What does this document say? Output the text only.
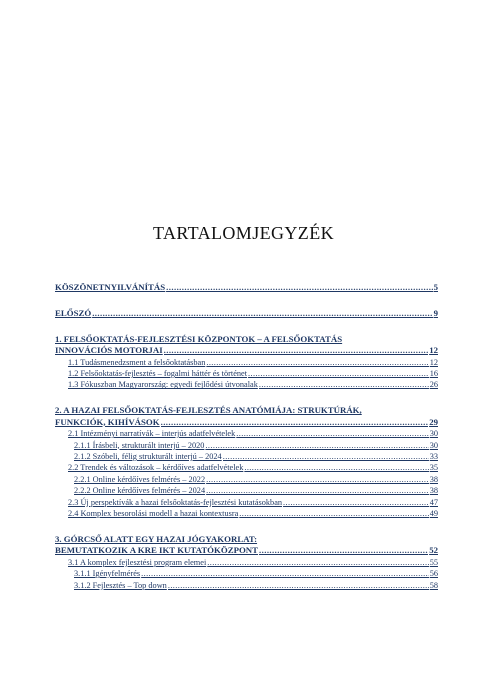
TARTALOMJEGYZÉK
KÖSZÖNETNYILVÁNÍTÁS .....	5
ELŐSZÓ .....	9
1. FELSŐOKTATÁS-FEJLESZTÉSI KÖZPONTOK – A FELSŐOKTATÁS
INNOVÁCIÓS MOTORJAI .....	12
1.1 Tudásmenedzsment a felsőoktatásban .....	12
1.2 Felsőoktatás-fejlesztés – fogalmi háttér és történet .....	16
1.3 Fókuszban Magyarország: egyedi fejlődési útvonalak .....	26
2. A HAZAI FELSŐOKTATÁS-FEJLESZTÉS ANATÓMIÁJA: STRUKTÚRÁK,
FUNKCIÓK, KIHÍVÁSOK .....	29
2.1 Intézményi narratívák – interjús adatfelvételek .....	30
2.1.1 Írásbeli, strukturált interjú – 2020 .....	30
2.1.2 Szóbeli, félig strukturált interjú – 2024 .....	33
2.2 Trendek és változások – kérdőíves adatfelvételek .....	35
2.2.1 Online kérdőíves felmérés – 2022 .....	38
2.2.2 Online kérdőíves felmérés – 2024 .....	38
2.3 Új perspektívák a hazai felsőoktatás-fejlesztési kutatásokban .....	47
2.4 Komplex besorolási modell a hazai kontextusra .....	49
3. GÓRCSŐ ALATT EGY HAZAI JÓGYAKORLAT:
BEMUTATKOZIK A KRE IKT KUTATÓKÖZPONT .....	52
3.1 A komplex fejlesztési program elemei .....	55
3.1.1 Igényfelmérés .....	56
3.1.2 Fejlesztés – Top down .....	58
